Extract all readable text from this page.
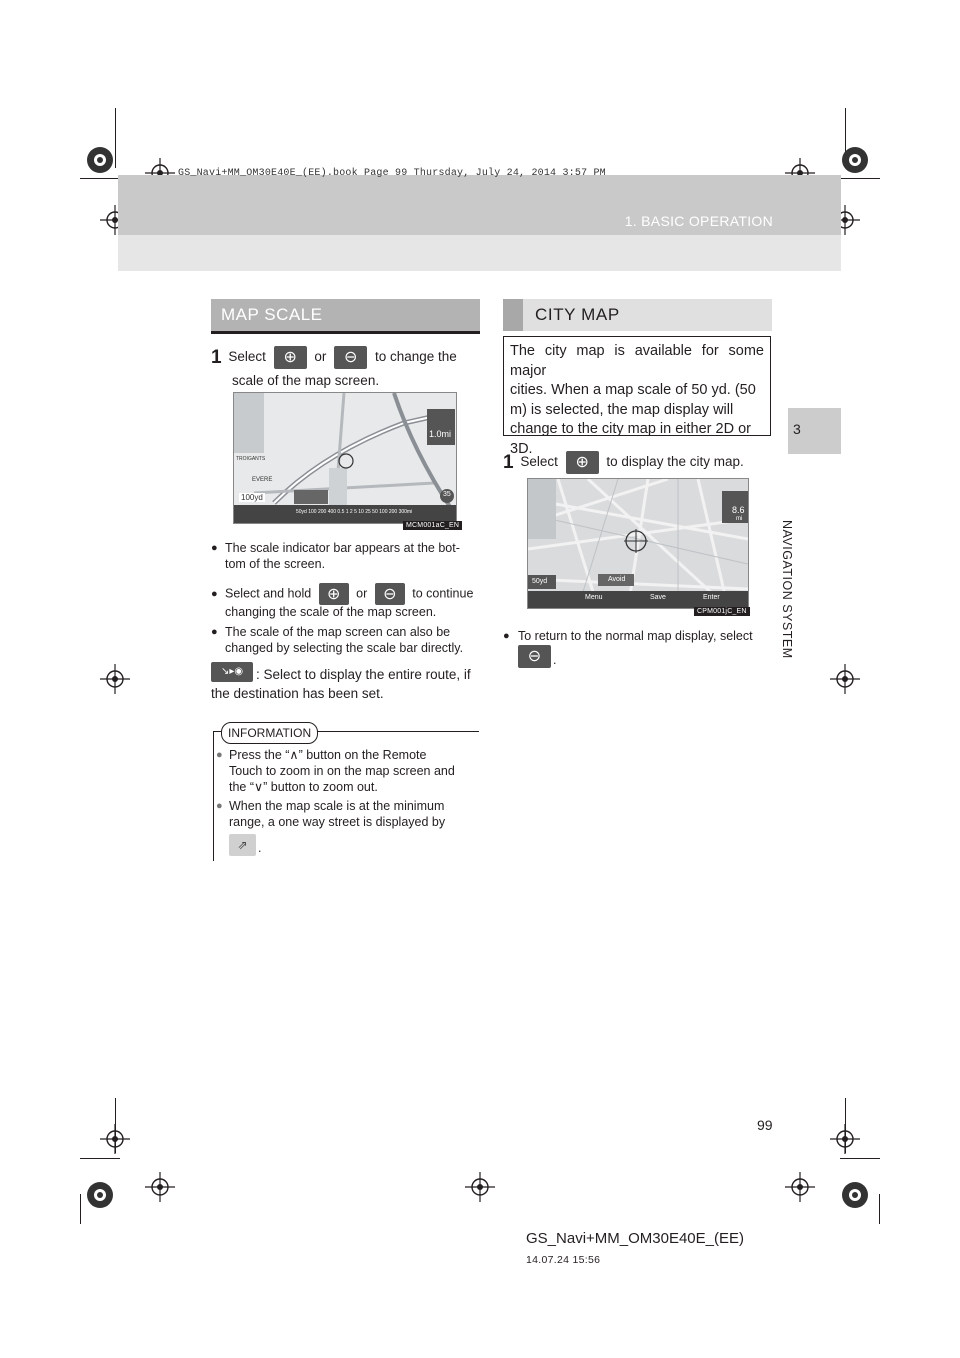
GS_Navi+MM_OM30E40E_(EE).book Page 99 Thursday, July 24, 2014 3:57 PM
1. BASIC OPERATION
3
NAVIGATION SYSTEM
MAP SCALE
1 Select	⊕	or	⊖	to change the
scale of the map screen.
1.0mi
100yd	35
EVERE
TROIGANTS
50yd 100 200 400 0.5 1 2 5 10 25 50 100 200 300mi
MCM001aC_EN
● The scale indicator bar appears at the bot-
tom of the screen.
● Select and hold ⊕	or ⊖	to continue
changing the scale of the map screen.
● The scale of the map screen can also be
changed by selecting the scale bar directly.
↘▸◉ : Select to display the entire route, if
the destination has been set.
INFORMATION
● Press the “∧” button on the Remote
Touch to zoom in on the map screen and
the “∨” button to zoom out.
● When the map scale is at the minimum
range, a one way street is displayed by
⇗ .
CITY MAP
The city map is available for some major
cities. When a map scale of 50 yd. (50
m) is selected, the map display will
change to the city map in either 2D or
3D.
1 Select	⊕	to display the city map.
8.6
mi
50yd	Avoid
Menu	Save	Enter
CPM001jC_EN
● To return to the normal map display, select
⊖ .
99
GS_Navi+MM_OM30E40E_(EE)
14.07.24 15:56
